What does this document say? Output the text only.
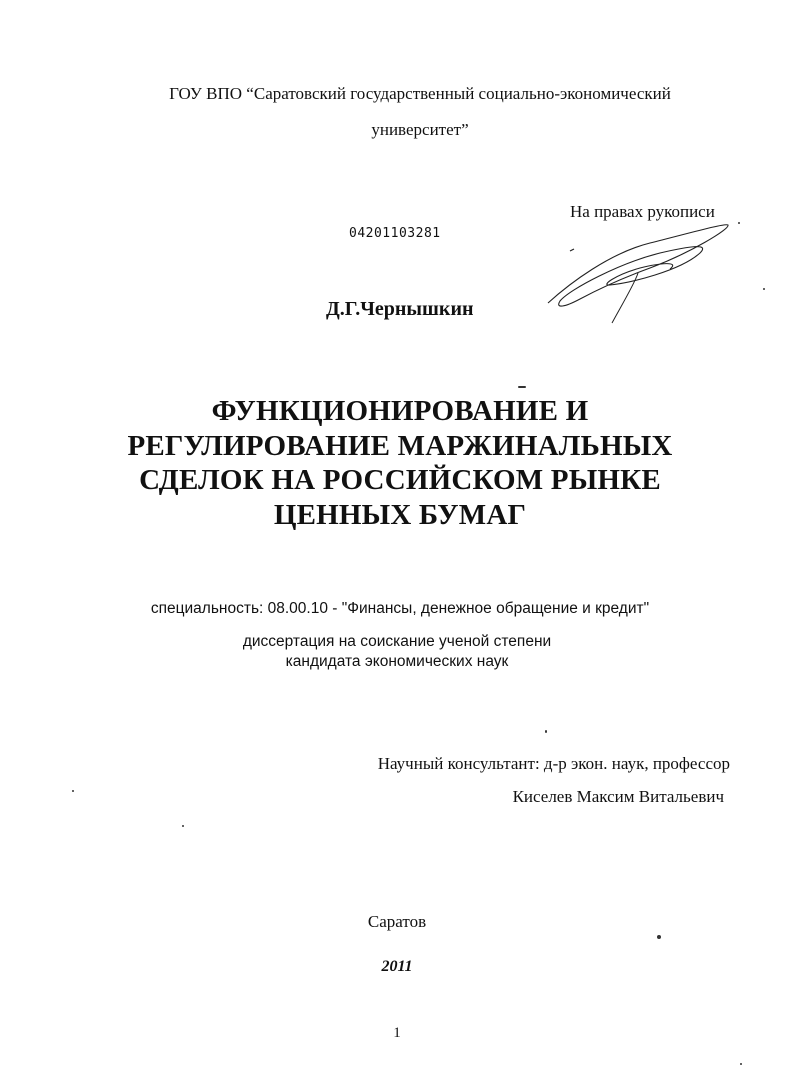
ГОУ ВПО “Саратовский государственный социально-экономический
университет”
На правах рукописи
04201103281
Д.Г.Чернышкин
ФУНКЦИОНИРОВАНИЕ И
РЕГУЛИРОВАНИЕ МАРЖИНАЛЬНЫХ
СДЕЛОК НА РОССИЙСКОМ РЫНКЕ
ЦЕННЫХ БУМАГ
специальность: 08.00.10 - "Финансы, денежное обращение и кредит"
диссертация на соискание ученой степени
кандидата экономических наук
Научный консультант: д-р экон. наук, профессор
Киселев Максим Витальевич
Саратов
2011
1
